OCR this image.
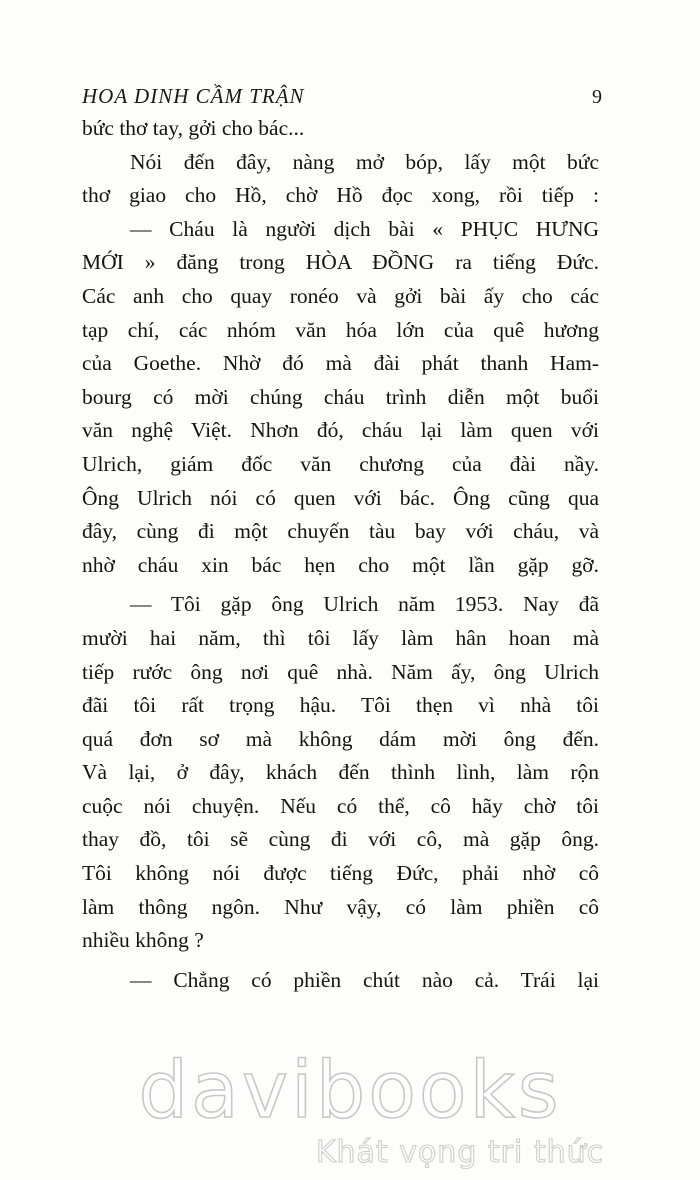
HOA DINH CẦM TRẬN	9
bức thơ tay, gởi cho bác...
Nói đến đây, nàng mở bóp, lấy một bức
thơ giao cho Hồ, chờ Hồ đọc xong, rồi tiếp :
— Cháu là người dịch bài « PHỤC HƯNG
MỚI » đăng trong HÒA ĐỒNG ra tiếng Đức.
Các anh cho quay ronéo và gởi bài ấy cho các
tạp chí, các nhóm văn hóa lớn của quê hương
của Goethe. Nhờ đó mà đài phát thanh Ham-
bourg có mời chúng cháu trình diễn một buổi
văn nghệ Việt. Nhơn đó, cháu lại làm quen với
Ulrich, giám đốc văn chương của đài nầy.
Ông Ulrich nói có quen với bác. Ông cũng qua
đây, cùng đi một chuyến tàu bay với cháu, và
nhờ cháu xin bác hẹn cho một lần gặp gỡ.
— Tôi gặp ông Ulrich năm 1953. Nay đã
mười hai năm, thì tôi lấy làm hân hoan mà
tiếp rước ông nơi quê nhà. Năm ấy, ông Ulrich
đãi tôi rất trọng hậu. Tôi thẹn vì nhà tôi
quá đơn sơ mà không dám mời ông đến.
Và lại, ở đây, khách đến thình lình, làm rộn
cuộc nói chuyện. Nếu có thể, cô hãy chờ tôi
thay đồ, tôi sẽ cùng đi với cô, mà gặp ông.
Tôi không nói được tiếng Đức, phải nhờ cô
làm thông ngôn. Như vậy, có làm phiền cô
nhiều không ?
— Chẳng có phiền chút nào cả. Trái lại
davibooks
Khát vọng tri thức
